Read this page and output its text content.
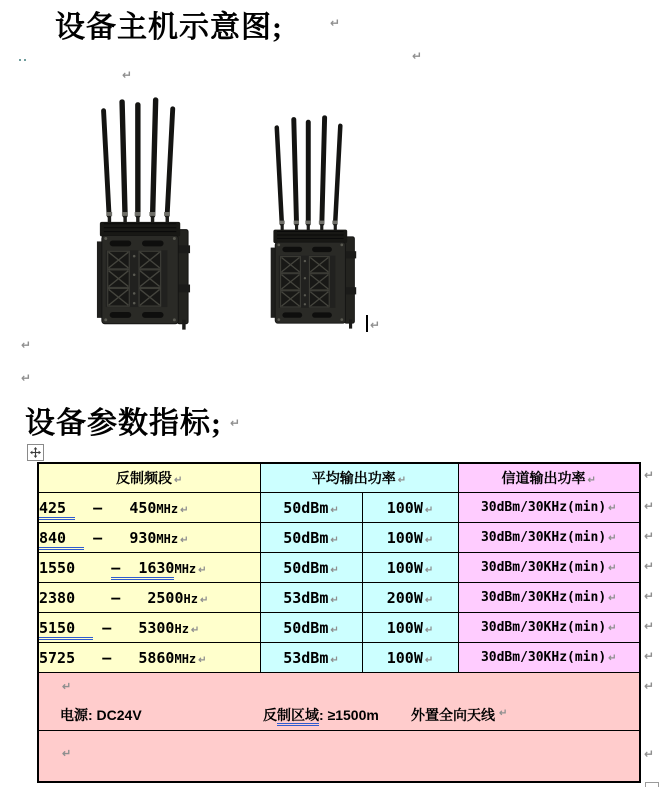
设备主机示意图;
设备参数指标;
↵
↵
↵
↵
↵
↵
↵
反制频段 ↵	平均输出功率 ↵		信道输出功率 ↵
425   –   450MHz ↵	50dBm ↵	100W ↵	30dBm/30KHz(min) ↵
840   –   930MHz ↵	50dBm ↵	100W ↵	30dBm/30KHz(min) ↵
1550    –  1630MHz ↵	50dBm ↵	100W ↵	30dBm/30KHz(min) ↵
2380    –   2500Hz ↵	53dBm ↵	200W ↵	30dBm/30KHz(min) ↵
5150   –   5300Hz ↵	50dBm ↵	100W ↵	30dBm/30KHz(min) ↵
5725   —   5860MHz ↵	53dBm ↵	100W ↵	30dBm/30KHz(min) ↵

↵
电源: DC24V 反制区域: ≥1500m 外置全向天线 ↵			

↵			
↵
↵
↵
↵
↵
↵
↵
↵
↵
